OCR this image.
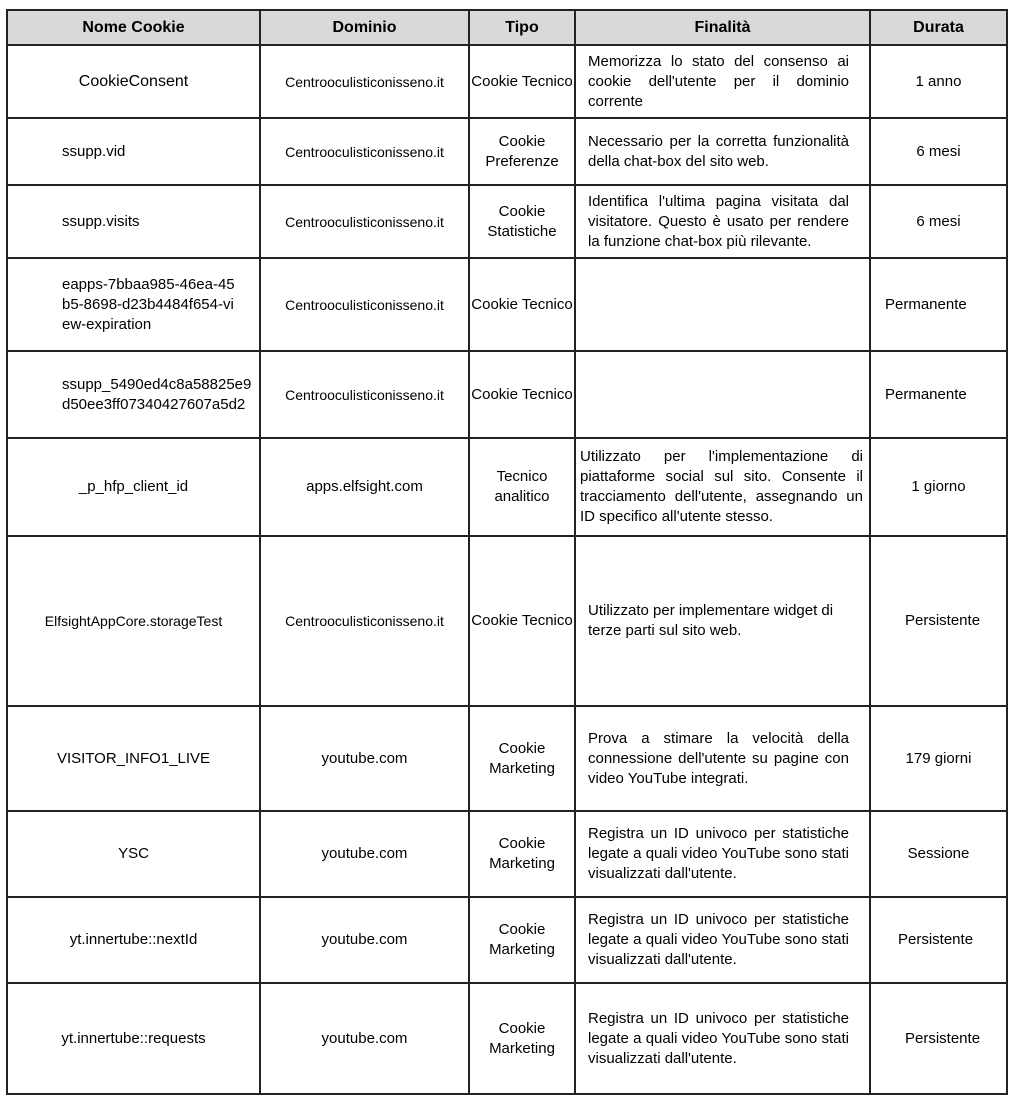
Nome Cookie	Dominio	Tipo	Finalità	Durata
CookieConsent	Centrooculisticonisseno.it	Cookie Tecnico	Memorizza lo stato del consenso ai cookie dell'utente per il dominio corrente	1 anno
ssupp.vid	Centrooculisticonisseno.it	Cookie Preferenze	Necessario per la corretta funzionalità della chat-box del sito web.	6 mesi
ssupp.visits	Centrooculisticonisseno.it	Cookie Statistiche	Identifica l'ultima pagina visitata dal visitatore. Questo è usato per rendere la funzione chat-box più rilevante.	6 mesi
eapps-7bbaa985-46ea-45b5-8698-d23b4484f654-view-expiration	Centrooculisticonisseno.it	Cookie Tecnico		Permanente
ssupp_5490ed4c8a58825e9d50ee3ff07340427607a5d2	Centrooculisticonisseno.it	Cookie Tecnico		Permanente
_p_hfp_client_id	apps.elfsight.com	Tecnico analitico	Utilizzato per l'implementazione di piattaforme social sul sito. Consente il tracciamento dell'utente, assegnando un ID specifico all'utente stesso.	1 giorno
ElfsightAppCore.storageTest	Centrooculisticonisseno.it	Cookie Tecnico	Utilizzato per implementare widget di terze parti sul sito web.	Persistente
VISITOR_INFO1_LIVE	youtube.com	Cookie Marketing	Prova a stimare la velocità della connessione dell'utente su pagine con video YouTube integrati.	179 giorni
YSC	youtube.com	Cookie Marketing	Registra un ID univoco per statistiche legate a quali video YouTube sono stati visualizzati dall'utente.	Sessione
yt.innertube::nextId	youtube.com	Cookie Marketing	Registra un ID univoco per statistiche legate a quali video YouTube sono stati visualizzati dall'utente.	Persistente
yt.innertube::requests	youtube.com	Cookie Marketing	Registra un ID univoco per statistiche legate a quali video YouTube sono stati visualizzati dall'utente.	Persistente
